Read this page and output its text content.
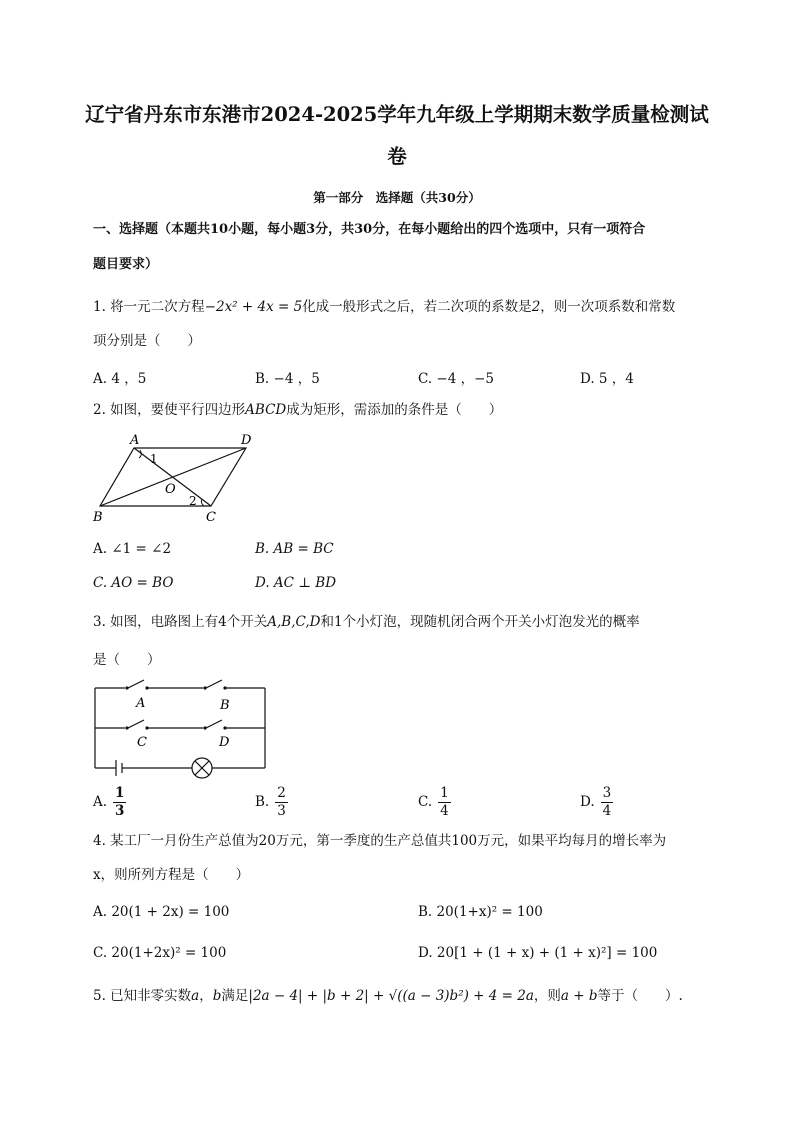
辽宁省丹东市东港市2024-2025学年九年级上学期期末数学质量检测试
卷
第一部分　选择题（共30分）
一、选择题（本题共10小题，每小题3分，共30分，在每小题给出的四个选项中，只有一项符合
题目要求）
1. 将一元二次方程−2x² + 4x = 5化成一般形式之后，若二次项的系数是2，则一次项系数和常数
项分别是（　　）
A. 4 ，5	B. −4 ，5	C. −4 ，−5	D. 5 ，4
2. 如图，要使平行四边形ABCD成为矩形，需添加的条件是（　　）
A	D
B	C
O
1
2
A. ∠1 = ∠2	B. AB = BC
C. AO = BO	D. AC ⊥ BD
3. 如图，电路图上有4个开关A,B,C,D和1个小灯泡，现随机闭合两个开关小灯泡发光的概率
是（　　）
A	B
C	D
A. $\frac{1}{3}$	B. $\frac{2}{3}$	C. $\frac{1}{4}$	D. $\frac{3}{4}$
4. 某工厂一月份生产总值为20万元，第一季度的生产总值共100万元，如果平均每月的增长率为
x，则所列方程是（　　）
A. 20(1 + 2x) = 100	B. 20(1+x)² = 100
C. 20(1+2x)² = 100	D. 20[1 + (1 + x) + (1 + x)²] = 100
5. 已知非零实数a，b满足|2a − 4| + |b + 2| + √((a − 3)b²) + 4 = 2a，则a + b等于（　　）.
